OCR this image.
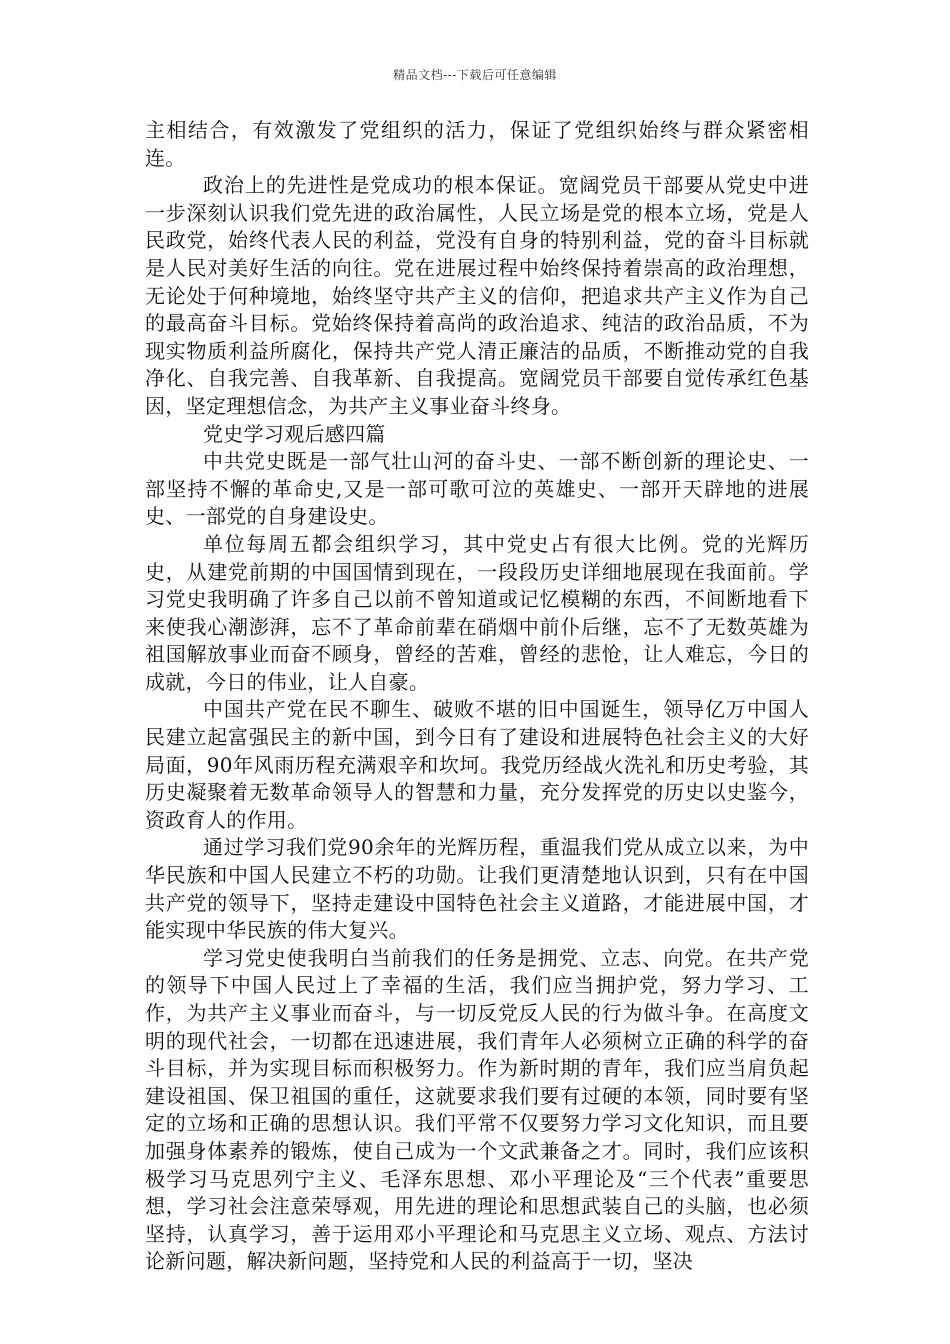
精品文档---下载后可任意编辑

主相结合，有效激发了党组织的活力，保证了党组织始终与群众紧密相连。

政治上的先进性是党成功的根本保证。宽阔党员干部要从党史中进一步深刻认识我们党先进的政治属性，人民立场是党的根本立场，党是人民政党，始终代表人民的利益，党没有自身的特别利益，党的奋斗目标就是人民对美好生活的向往。党在进展过程中始终保持着崇高的政治理想，无论处于何种境地，始终坚守共产主义的信仰，把追求共产主义作为自己的最高奋斗目标。党始终保持着高尚的政治追求、纯洁的政治品质，不为现实物质利益所腐化，保持共产党人清正廉洁的品质，不断推动党的自我净化、自我完善、自我革新、自我提高。宽阔党员干部要自觉传承红色基因，坚定理想信念，为共产主义事业奋斗终身。

党史学习观后感四篇

中共党史既是一部气壮山河的奋斗史、一部不断创新的理论史、一部坚持不懈的革命史,又是一部可歌可泣的英雄史、一部开天辟地的进展史、一部党的自身建设史。

单位每周五都会组织学习，其中党史占有很大比例。党的光辉历史，从建党前期的中国国情到现在，一段段历史详细地展现在我面前。学习党史我明确了许多自己以前不曾知道或记忆模糊的东西，不间断地看下来使我心潮澎湃，忘不了革命前辈在硝烟中前仆后继，忘不了无数英雄为祖国解放事业而奋不顾身，曾经的苦难，曾经的悲怆，让人难忘，今日的成就，今日的伟业，让人自豪。

中国共产党在民不聊生、破败不堪的旧中国诞生，领导亿万中国人民建立起富强民主的新中国，到今日有了建设和进展特色社会主义的大好局面，90年风雨历程充满艰辛和坎坷。我党历经战火洗礼和历史考验，其历史凝聚着无数革命领导人的智慧和力量，充分发挥党的历史以史鉴今，资政育人的作用。

通过学习我们党90余年的光辉历程，重温我们党从成立以来，为中华民族和中国人民建立不朽的功勋。让我们更清楚地认识到，只有在中国共产党的领导下，坚持走建设中国特色社会主义道路，才能进展中国，才能实现中华民族的伟大复兴。

学习党史使我明白当前我们的任务是拥党、立志、向党。在共产党的领导下中国人民过上了幸福的生活，我们应当拥护党，努力学习、工作，为共产主义事业而奋斗，与一切反党反人民的行为做斗争。在高度文明的现代社会，一切都在迅速进展，我们青年人必须树立正确的科学的奋斗目标，并为实现目标而积极努力。作为新时期的青年，我们应当肩负起建设祖国、保卫祖国的重任，这就要求我们要有过硬的本领，同时要有坚定的立场和正确的思想认识。我们平常不仅要努力学习文化知识，而且要加强身体素养的锻炼，使自己成为一个文武兼备之才。同时，我们应该积极学习马克思列宁主义、毛泽东思想、邓小平理论及“三个代表”重要思想，学习社会注意荣辱观，用先进的理论和思想武装自己的头脑，也必须坚持，认真学习，善于运用邓小平理论和马克思主义立场、观点、方法讨论新问题，解决新问题，坚持党和人民的利益高于一切，坚决
